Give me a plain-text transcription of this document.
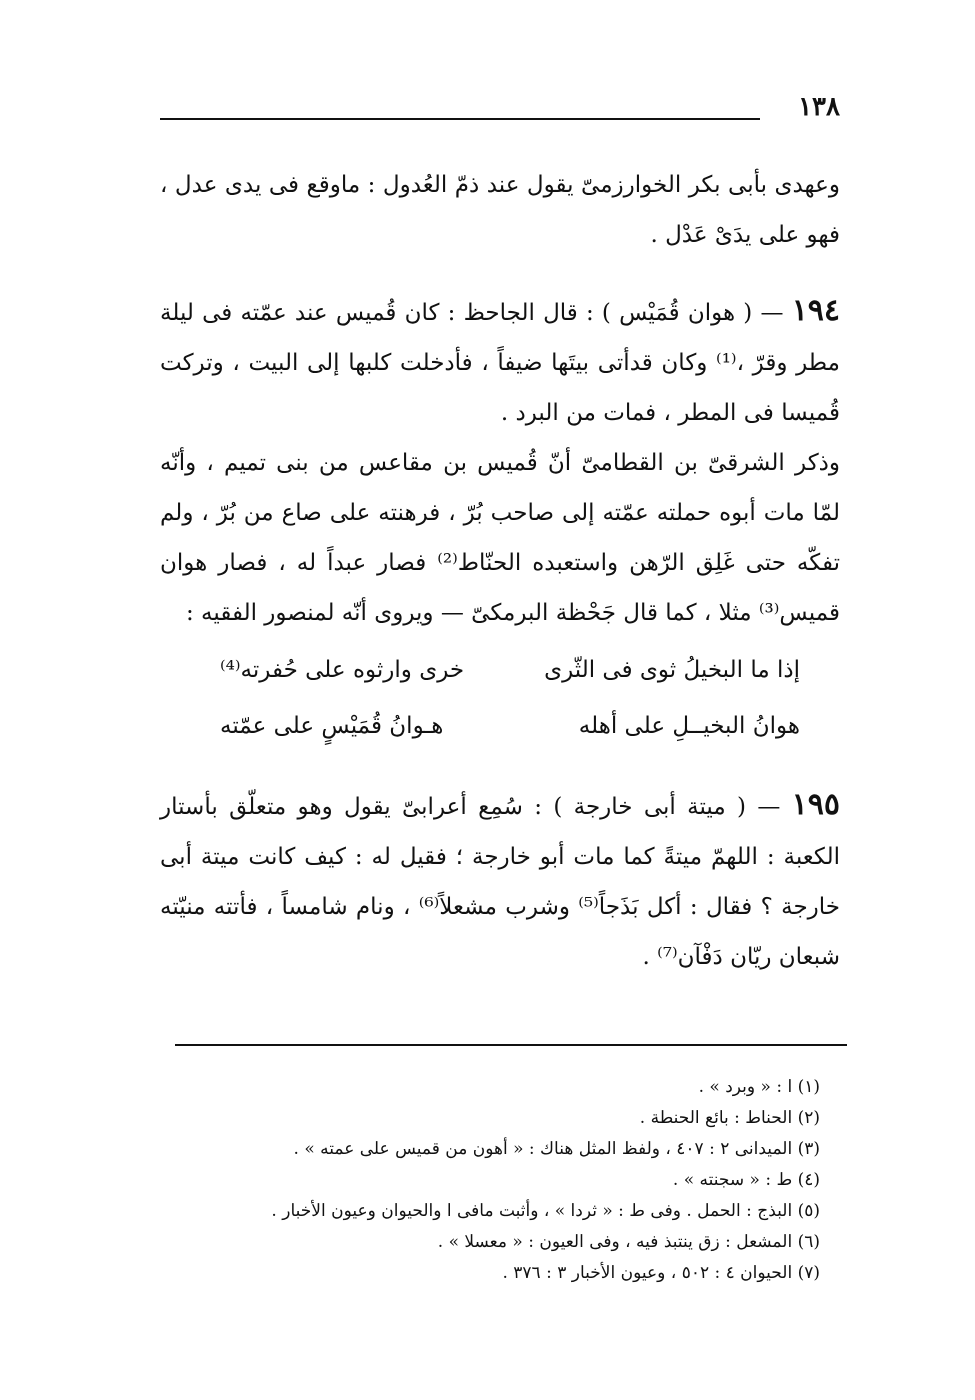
١٣٨

وعهدى بأبى بكر الخوارزمىّ يقول عند ذمّ العُدول : ماوقع فى يدى عدل ، فهو على يدَىْ عَدْل .

١٩٤ — ( هوان قُمَيْس ) : قال الجاحظ : كان قُميس عند عمّته فى ليلة مطر وقرّ ،⁽¹⁾ وكان قدأتى بيتَها ضيفاً ، فأدخلت كلبها إلى البيت ، وتركت قُميسا فى المطر ، فمات من البرد .

وذكر الشرقىّ بن القطامىّ أنّ قُميس بن مقاعس من بنى تميم ، وأنّه لمّا مات أبوه حملته عمّته إلى صاحب بُرّ ، فرهنته على صاع من بُرّ ، ولم تفكّه حتى غَلِق الرّهن واستعبده الحنّاط⁽²⁾ فصار عبداً له ، فصار هوان قميس⁽³⁾ مثلا ، كما قال جَحْظة البرمكىّ — ويروى أنّه لمنصور الفقيه :

إذا ما البخيلُ ثوى فى الثّرى
خرى وارثوه على حُفرته⁽⁴⁾
هوانُ البخيــلِ على أهله
هـوانُ قُمَيْسٍ على عمّته

١٩٥ — ( ميتة أبى خارجة ) : سُمِع أعرابىّ يقول وهو متعلّق بأستار الكعبة : اللهمّ ميتةً كما مات أبو خارجة ؛ فقيل له : كيف كانت ميتة أبى خارجة ؟ فقال : أكل بَذَجاً⁽⁵⁾ وشرب مشعلاً⁽⁶⁾ ، ونام شامساً ، فأتته منيّته شبعان ريّان دَفْآن⁽⁷⁾ .

(١) ا : « وبرد » .

(٢) الحناط : بائع الحنطة .

(٣) الميدانى ٢ : ٤٠٧ ، ولفظ المثل هناك : « أهون من قميس على عمته » .

(٤) ط : « سجنته » .

(٥) البذج : الحمل . وفى ط : « ثردا » ، وأثبت مافى ا والحيوان وعيون الأخبار .

(٦) المشعل : زق ينتبذ فيه ، وفى العيون : « معسلا » .

(٧) الحيوان ٤ : ٥٠٢ ، وعيون الأخبار ٣ : ٣٧٦ .
